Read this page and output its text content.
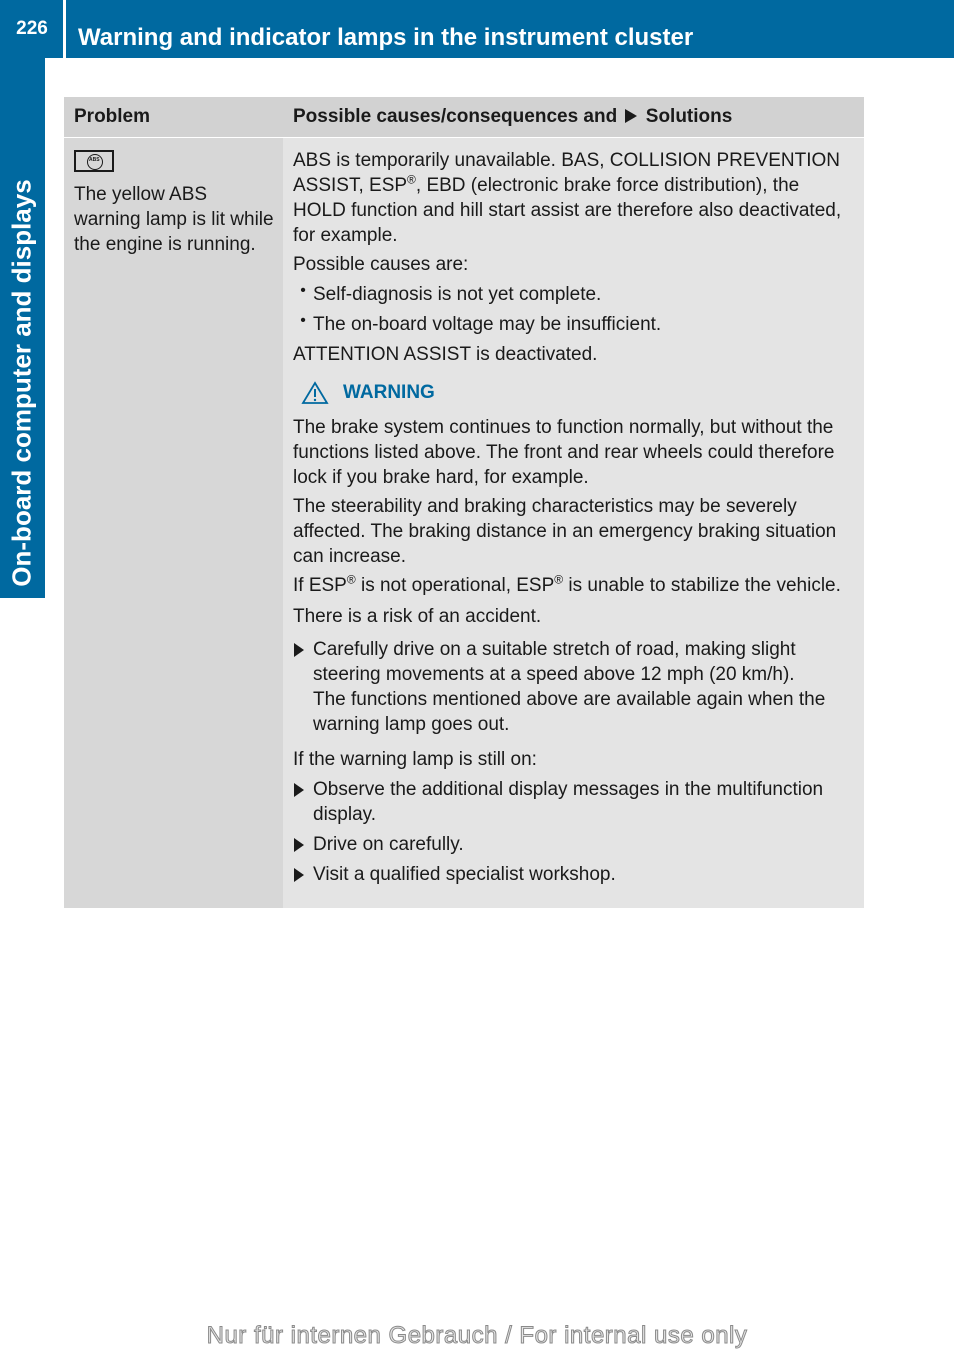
226	Warning and indicator lamps in the instrument cluster
On-board computer and displays
Problem	Possible causes/consequences and Solutions
ABS

The yellow ABS warning lamp is lit while the engine is running.

ABS is temporarily unavailable. BAS, COLLISION PREVENTION ASSIST, ESP®, EBD (electronic brake force distribution), the HOLD function and hill start assist are therefore also deactivated, for example.

Possible causes are:

• Self-diagnosis is not yet complete.

• The on-board voltage may be insufficient.

ATTENTION ASSIST is deactivated.

WARNING

The brake system continues to function normally, but without the functions listed above. The front and rear wheels could therefore lock if you brake hard, for example.

The steerability and braking characteristics may be severely affected. The braking distance in an emergency braking situation can increase.

If ESP® is not operational, ESP® is unable to stabilize the vehicle.

There is a risk of an accident.

Carefully drive on a suitable stretch of road, making slight steering movements at a speed above 12 mph (20 km/h).

The functions mentioned above are available again when the warning lamp goes out.

If the warning lamp is still on:

Observe the additional display messages in the multifunction display.

Drive on carefully.

Visit a qualified specialist workshop.

Nur für internen Gebrauch / For internal use only
